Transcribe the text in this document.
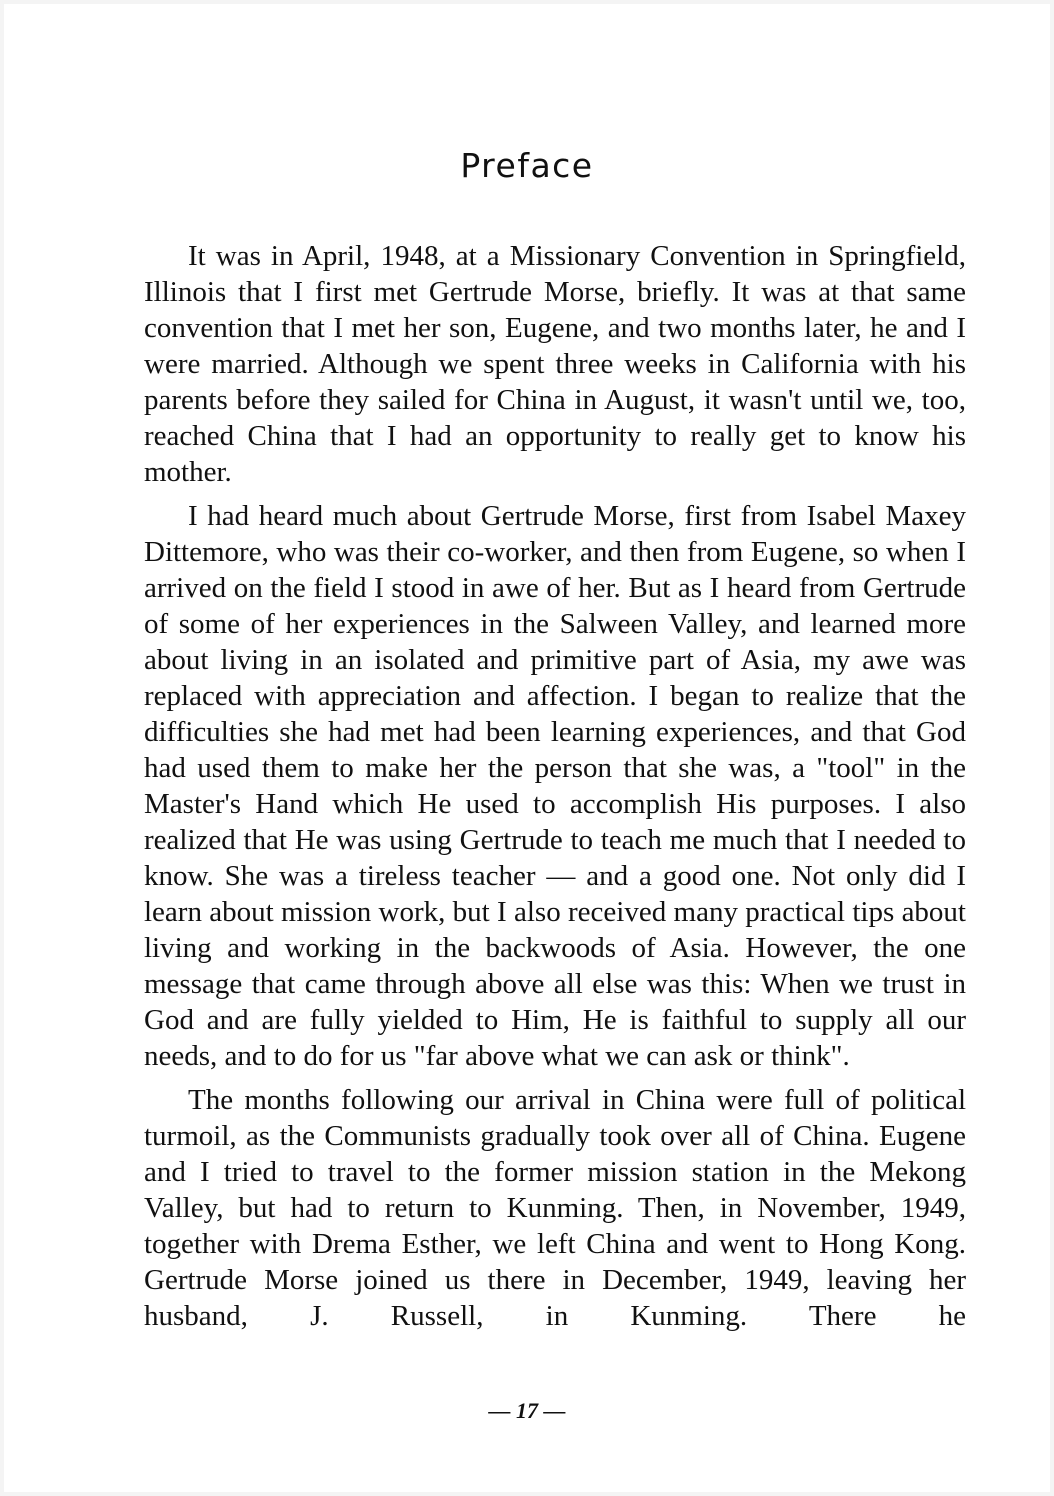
Preface

It was in April, 1948, at a Missionary Convention in Springfield, Illinois that I first met Gertrude Morse, briefly. It was at that same convention that I met her son, Eugene, and two months later, he and I were married. Although we spent three weeks in California with his parents before they sailed for China in August, it wasn't until we, too, reached China that I had an opportunity to really get to know his mother.

I had heard much about Gertrude Morse, first from Isabel Maxey Dittemore, who was their co-worker, and then from Eugene, so when I arrived on the field I stood in awe of her. But as I heard from Gertrude of some of her experiences in the Salween Valley, and learned more about living in an isolated and primitive part of Asia, my awe was replaced with appreciation and affection. I began to realize that the difficulties she had met had been learning experiences, and that God had used them to make her the person that she was, a "tool" in the Master's Hand which He used to accomplish His purposes. I also realized that He was using Gertrude to teach me much that I needed to know. She was a tireless teacher — and a good one. Not only did I learn about mission work, but I also received many practical tips about living and working in the backwoods of Asia. However, the one message that came through above all else was this: When we trust in God and are fully yielded to Him, He is faithful to supply all our needs, and to do for us "far above what we can ask or think".

The months following our arrival in China were full of political turmoil, as the Communists gradually took over all of China. Eugene and I tried to travel to the former mission station in the Mekong Valley, but had to return to Kunming. Then, in November, 1949, together with Drema Esther, we left China and went to Hong Kong. Gertrude Morse joined us there in December, 1949, leaving her husband, J. Russell, in Kunming. There he

— 17 —
